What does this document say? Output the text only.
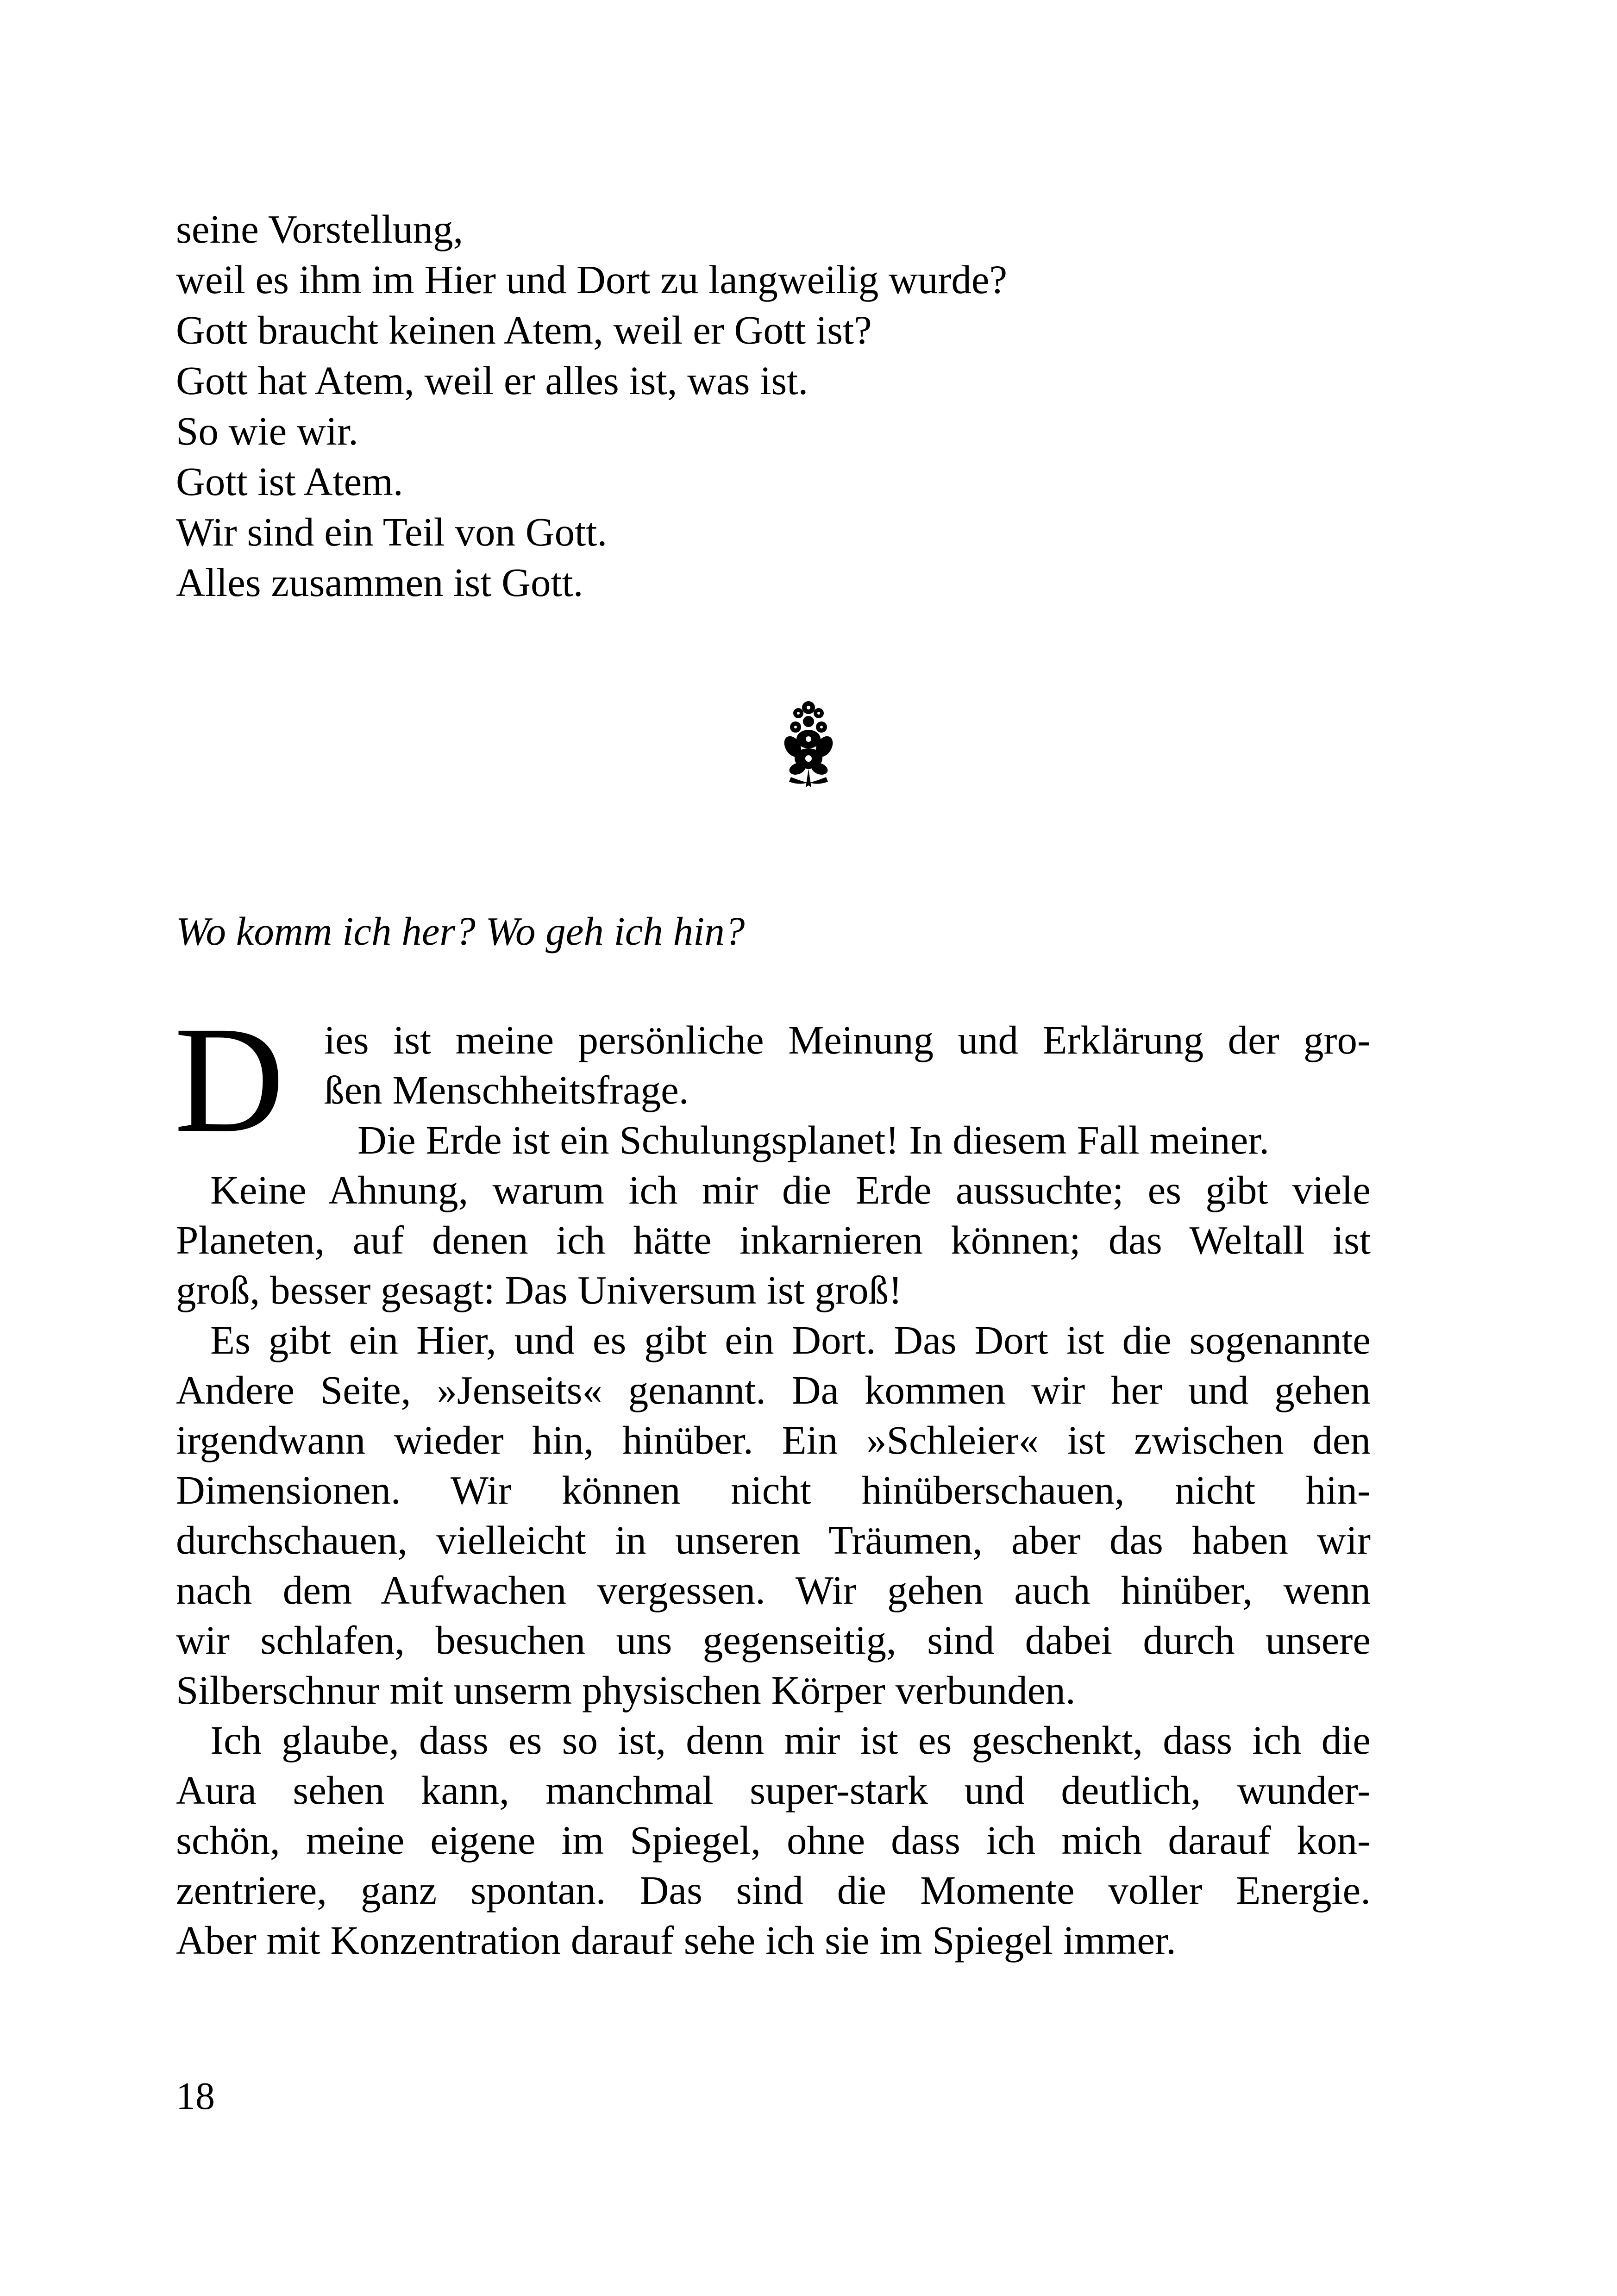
seine Vorstellung,
weil es ihm im Hier und Dort zu langweilig wurde?
Gott braucht keinen Atem, weil er Gott ist?
Gott hat Atem, weil er alles ist, was ist.
So wie wir.
Gott ist Atem.
Wir sind ein Teil von Gott.
Alles zusammen ist Gott.
Wo komm ich her? Wo geh ich hin?
D ies ist meine persönliche Meinung und Erklärung der gro-
ßen Menschheitsfrage.
Die Erde ist ein Schulungsplanet! In diesem Fall meiner.
Keine Ahnung, warum ich mir die Erde aussuchte; es gibt viele
Planeten, auf denen ich hätte inkarnieren können; das Weltall ist
groß, besser gesagt: Das Universum ist groß!
Es gibt ein Hier, und es gibt ein Dort. Das Dort ist die sogenannte
Andere Seite, »Jenseits« genannt. Da kommen wir her und gehen
irgendwann wieder hin, hinüber. Ein »Schleier« ist zwischen den
Dimensionen. Wir können nicht hinüberschauen, nicht hin-
durchschauen, vielleicht in unseren Träumen, aber das haben wir
nach dem Aufwachen vergessen. Wir gehen auch hinüber, wenn
wir schlafen, besuchen uns gegenseitig, sind dabei durch unsere
Silberschnur mit unserm physischen Körper verbunden.
Ich glaube, dass es so ist, denn mir ist es geschenkt, dass ich die
Aura sehen kann, manchmal super-stark und deutlich, wunder-
schön, meine eigene im Spiegel, ohne dass ich mich darauf kon-
zentriere, ganz spontan. Das sind die Momente voller Energie.
Aber mit Konzentration darauf sehe ich sie im Spiegel immer.
18
